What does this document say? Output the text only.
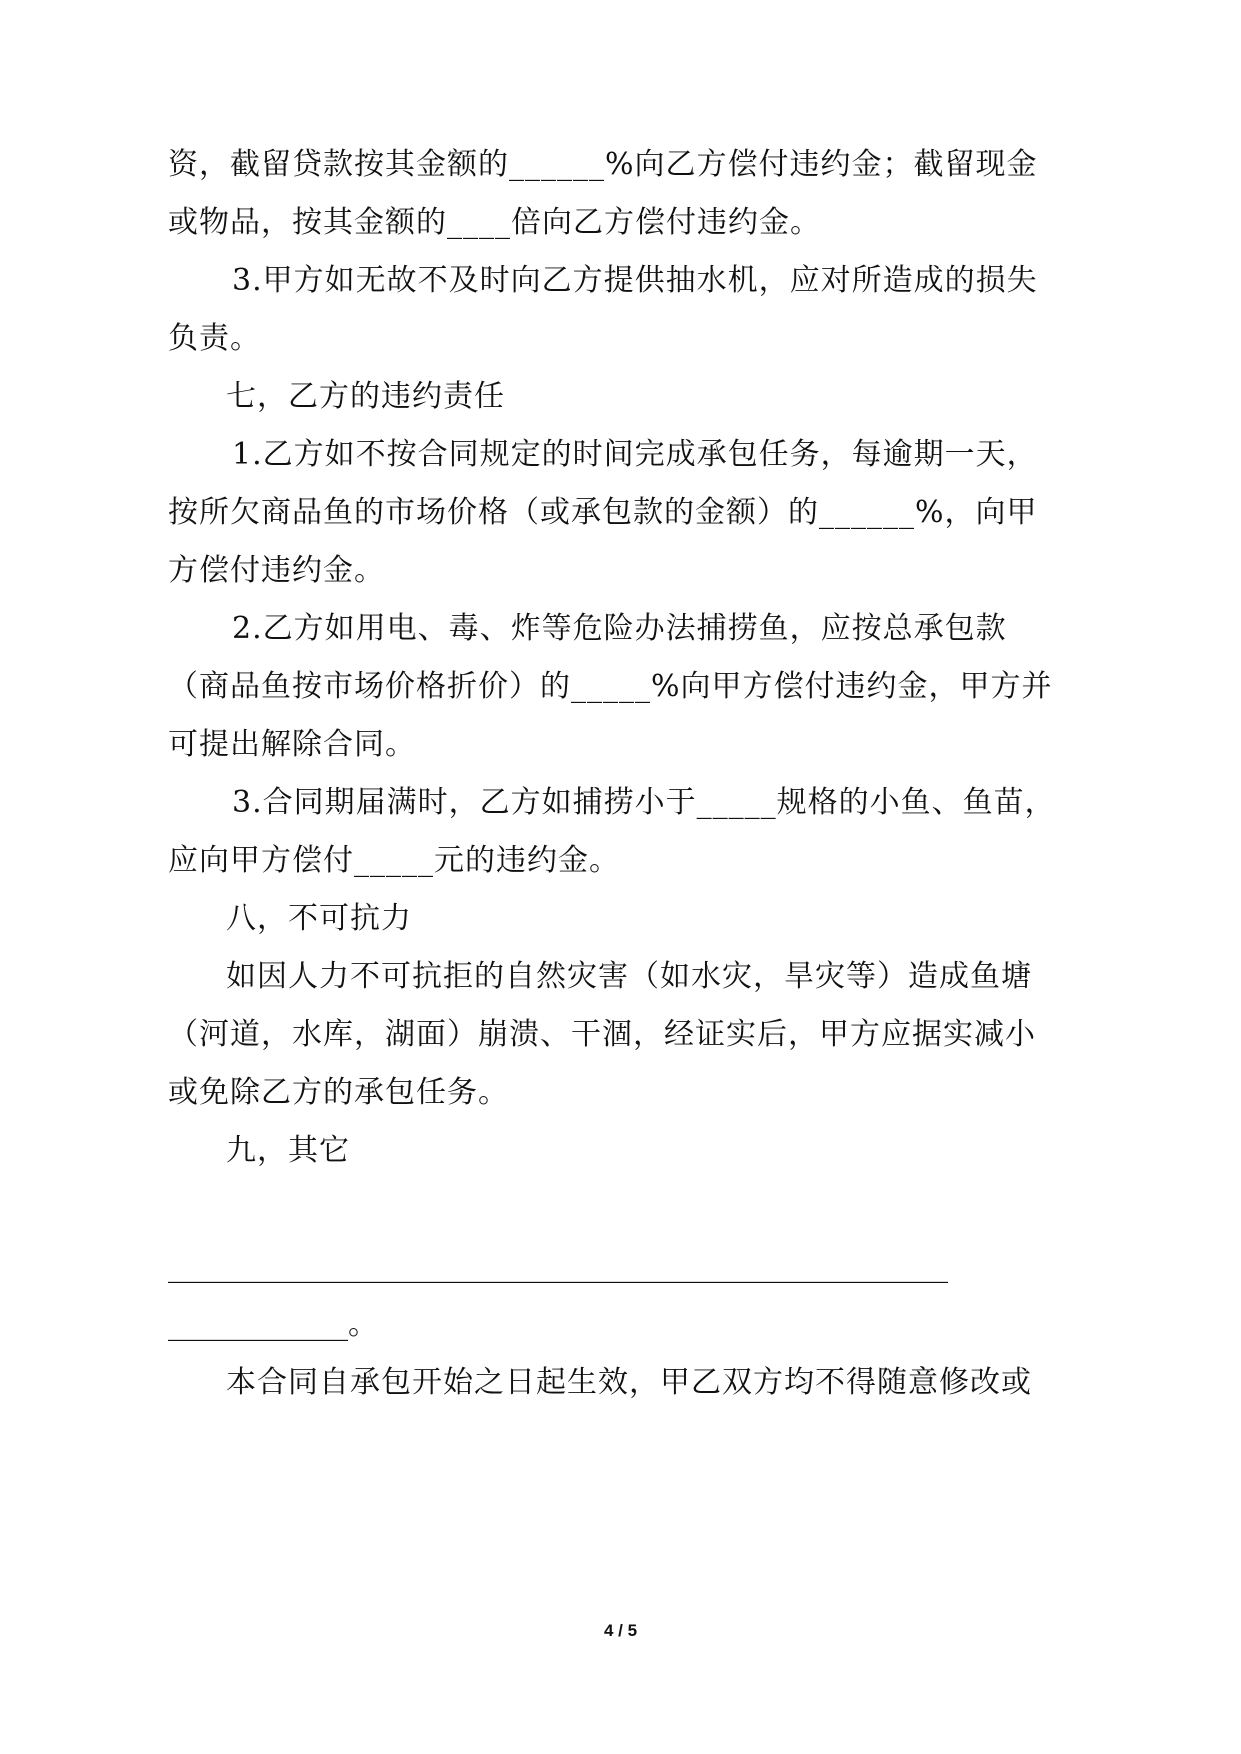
资，截留贷款按其金额的______%向乙方偿付违约金；截留现金
或物品，按其金额的____倍向乙方偿付违约金。
3.甲方如无故不及时向乙方提供抽水机，应对所造成的损失
负责。
七，乙方的违约责任
1.乙方如不按合同规定的时间完成承包任务，每逾期一天，
按所欠商品鱼的市场价格（或承包款的金额）的______%，向甲
方偿付违约金。
2.乙方如用电、毒、炸等危险办法捕捞鱼，应按总承包款
（商品鱼按市场价格折价）的_____%向甲方偿付违约金，甲方并
可提出解除合同。
3.合同期届满时，乙方如捕捞小于_____规格的小鱼、鱼苗，
应向甲方偿付_____元的违约金。
八，不可抗力
如因人力不可抗拒的自然灾害（如水灾，旱灾等）造成鱼塘
（河道，水库，湖面）崩溃、干涸，经证实后，甲方应据实减小
或免除乙方的承包任务。
九，其它
____________________________________________________
____________。
本合同自承包开始之日起生效，甲乙双方均不得随意修改或
4 / 5
